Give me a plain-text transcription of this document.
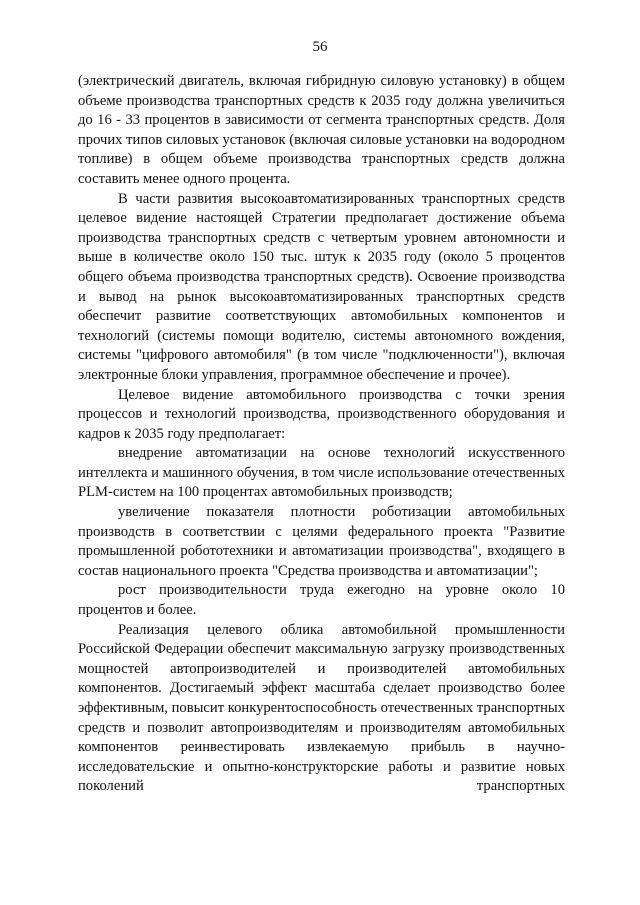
56

(электрический двигатель, включая гибридную силовую установку) в общем объеме производства транспортных средств к 2035 году должна увеличиться до 16 - 33 процентов в зависимости от сегмента транспортных средств. Доля прочих типов силовых установок (включая силовые установки на водородном топливе) в общем объеме производства транспортных средств должна составить менее одного процента.

В части развития высокоавтоматизированных транспортных средств целевое видение настоящей Стратегии предполагает достижение объема производства транспортных средств с четвертым уровнем автономности и выше в количестве около 150 тыс. штук к 2035 году (около 5 процентов общего объема производства транспортных средств). Освоение производства и вывод на рынок высокоавтоматизированных транспортных средств обеспечит развитие соответствующих автомобильных компонентов и технологий (системы помощи водителю, системы автономного вождения, системы "цифрового автомобиля" (в том числе "подключенности"), включая электронные блоки управления, программное обеспечение и прочее).

Целевое видение автомобильного производства с точки зрения процессов и технологий производства, производственного оборудования и кадров к 2035 году предполагает:

внедрение автоматизации на основе технологий искусственного интеллекта и машинного обучения, в том числе использование отечественных PLM-систем на 100 процентах автомобильных производств;

увеличение показателя плотности роботизации автомобильных производств в соответствии с целями федерального проекта "Развитие промышленной робототехники и автоматизации производства", входящего в состав национального проекта "Средства производства и автоматизации";

рост производительности труда ежегодно на уровне около 10 процентов и более.

Реализация целевого облика автомобильной промышленности Российской Федерации обеспечит максимальную загрузку производственных мощностей автопроизводителей и производителей автомобильных компонентов. Достигаемый эффект масштаба сделает производство более эффективным, повысит конкурентоспособность отечественных транспортных средств и позволит автопроизводителям и производителям автомобильных компонентов реинвестировать извлекаемую прибыль в научно-исследовательские и опытно-конструкторские работы и развитие новых поколений транспортных
